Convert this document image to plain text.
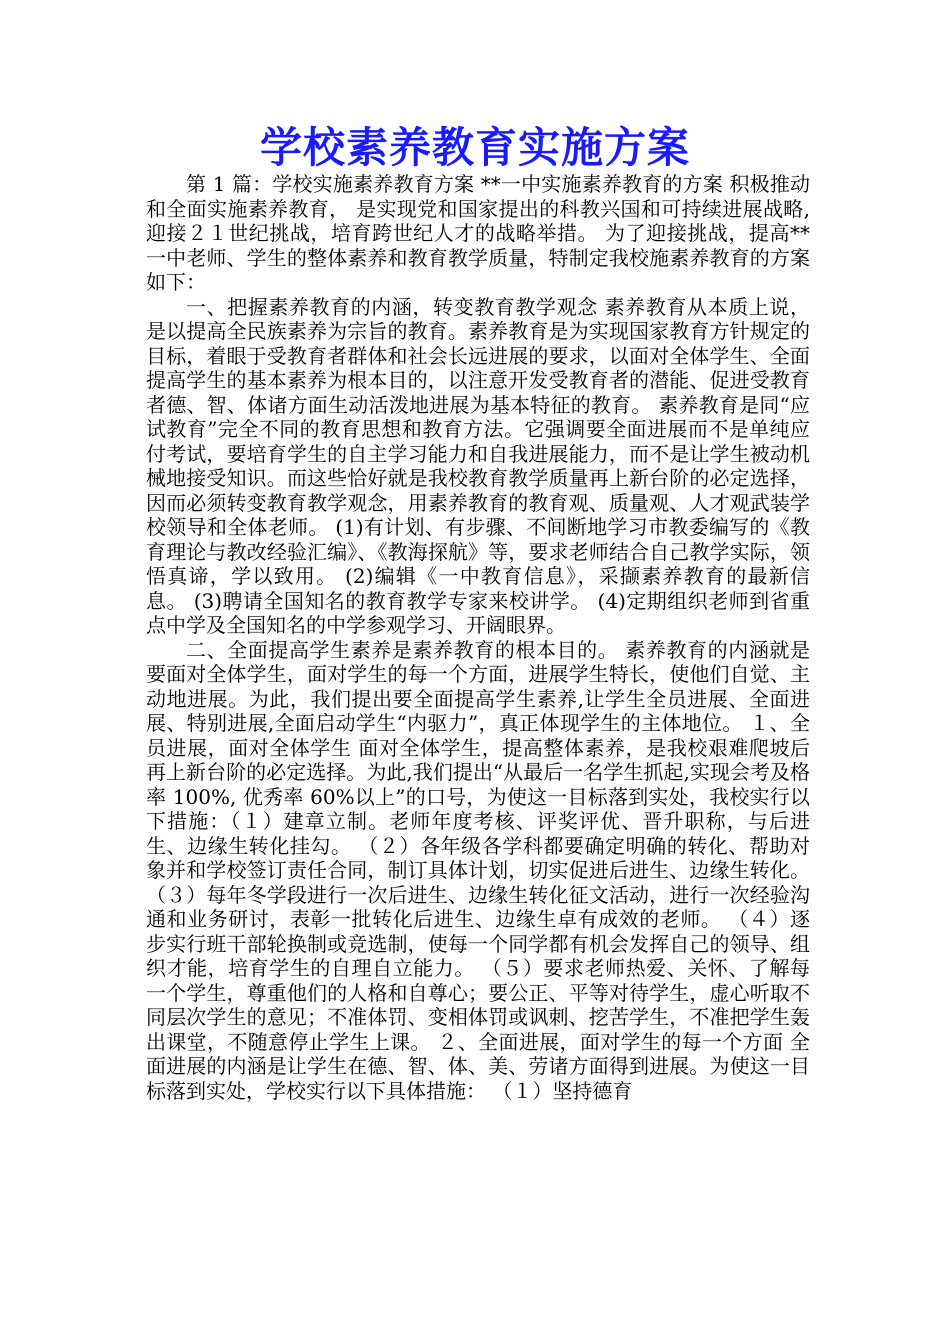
学校素养教育实施方案

第 1 篇：学校实施素养教育方案 **一中实施素养教育的方案 积极推动和全面实施素养教育， 是实现党和国家提出的科教兴国和可持续进展战略,迎接２１世纪挑战，培育跨世纪人才的战略举措。 为了迎接挑战，提高**一中老师、学生的整体素养和教育教学质量，特制定我校施素养教育的方案如下：

一、把握素养教育的内涵，转变教育教学观念 素养教育从本质上说，是以提高全民族素养为宗旨的教育。素养教育是为实现国家教育方针规定的目标，着眼于受教育者群体和社会长远进展的要求，以面对全体学生、全面提高学生的基本素养为根本目的，以注意开发受教育者的潜能、促进受教育者德、智、体诸方面生动活泼地进展为基本特征的教育。 素养教育是同“应试教育”完全不同的教育思想和教育方法。它强调要全面进展而不是单纯应付考试，要培育学生的自主学习能力和自我进展能力，而不是让学生被动机械地接受知识。而这些恰好就是我校教育教学质量再上新台阶的必定选择，因而必须转变教育教学观念，用素养教育的教育观、质量观、人才观武装学校领导和全体老师。 (1)有计划、有步骤、不间断地学习市教委编写的《教育理论与教改经验汇编》、《教海探航》等，要求老师结合自己教学实际，领悟真谛，学以致用。 (2)编辑《一中教育信息》，采撷素养教育的最新信息。 (3)聘请全国知名的教育教学专家来校讲学。 (4)定期组织老师到省重点中学及全国知名的中学参观学习、开阔眼界。

二、全面提高学生素养是素养教育的根本目的。 素养教育的内涵就是要面对全体学生，面对学生的每一个方面，进展学生特长，使他们自觉、主动地进展。为此，我们提出要全面提高学生素养,让学生全员进展、全面进展、特别进展,全面启动学生“内驱力”，真正体现学生的主体地位。 １、全员进展，面对全体学生 面对全体学生，提高整体素养，是我校艰难爬坡后再上新台阶的必定选择。为此,我们提出“从最后一名学生抓起,实现会考及格率 100%, 优秀率 60%以上”的口号，为使这一目标落到实处，我校实行以下措施：（１）建章立制。老师年度考核、评奖评优、晋升职称，与后进生、边缘生转化挂勾。 （２）各年级各学科都要确定明确的转化、帮助对象并和学校签订责任合同，制订具体计划，切实促进后进生、边缘生转化。 （３）每年冬学段进行一次后进生、边缘生转化征文活动，进行一次经验沟通和业务研讨，表彰一批转化后进生、边缘生卓有成效的老师。 （４）逐步实行班干部轮换制或竞选制，使每一个同学都有机会发挥自己的领导、组织才能，培育学生的自理自立能力。 （５）要求老师热爱、关怀、了解每一个学生，尊重他们的人格和自尊心；要公正、平等对待学生，虚心听取不同层次学生的意见；不准体罚、变相体罚或讽刺、挖苦学生，不准把学生轰出课堂，不随意停止学生上课。 ２、全面进展，面对学生的每一个方面 全面进展的内涵是让学生在德、智、体、美、劳诸方面得到进展。为使这一目标落到实处，学校实行以下具体措施： （１）坚持德育
